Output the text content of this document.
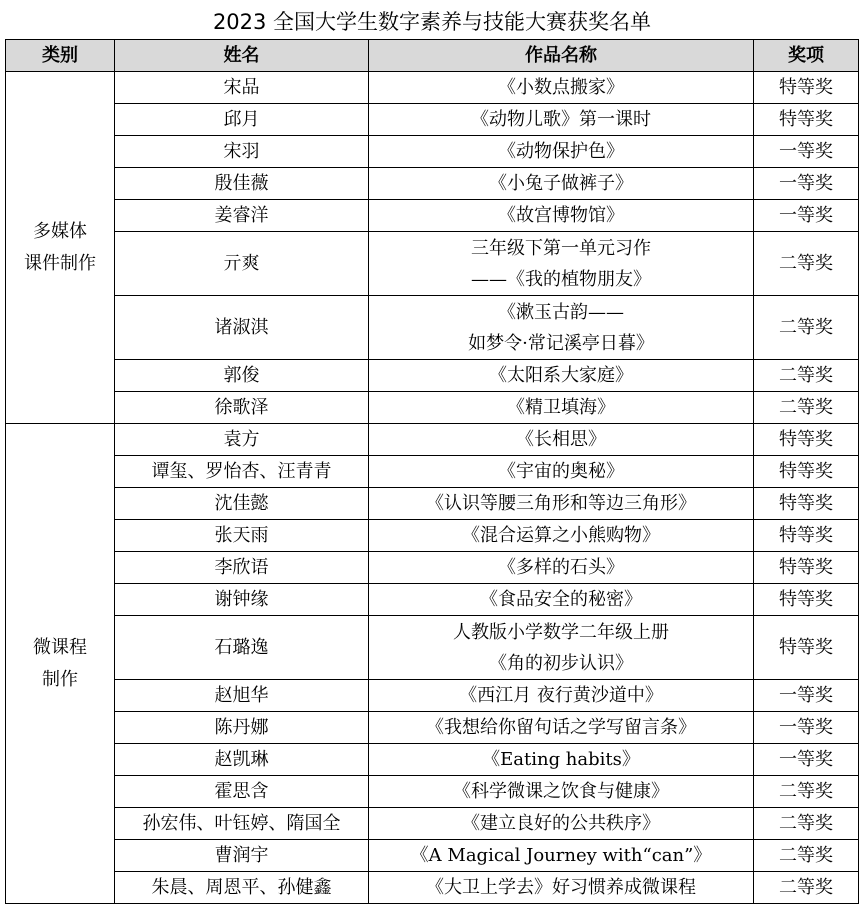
2023 全国大学生数字素养与技能大赛获奖名单
类别	姓名	作品名称	奖项

多媒体
课件制作	宋品	《小数点搬家》	特等奖
	邱月	《动物儿歌》第一课时	特等奖
	宋羽	《动物保护色》	一等奖
	殷佳薇	《小兔子做裤子》	一等奖
	姜睿洋	《故宫博物馆》	一等奖
	亓爽	三年级下第一单元习作
——《我的植物朋友》	二等奖
	诸淑淇	《漱玉古韵——
如梦令·常记溪亭日暮》	二等奖
	郭俊	《太阳系大家庭》	二等奖
	徐歌泽	《精卫填海》	二等奖

微课程
制作	袁方	《长相思》	特等奖
	谭玺、罗怡杏、汪青青	《宇宙的奥秘》	特等奖
	沈佳懿	《认识等腰三角形和等边三角形》	特等奖
	张天雨	《混合运算之小熊购物》	特等奖
	李欣语	《多样的石头》	特等奖
	谢钟缘	《食品安全的秘密》	特等奖
	石璐逸	人教版小学数学二年级上册
《角的初步认识》	特等奖
	赵旭华	《西江月 夜行黄沙道中》	一等奖
	陈丹娜	《我想给你留句话之学写留言条》	一等奖
	赵凯琳	《Eating habits》	一等奖
	霍思含	《科学微课之饮食与健康》	二等奖
	孙宏伟、叶钰婷、隋国全	《建立良好的公共秩序》	二等奖
	曹润宇	《A Magical Journey with“can”》	二等奖
	朱晨、周恩平、孙健鑫	《大卫上学去》好习惯养成微课程	二等奖
